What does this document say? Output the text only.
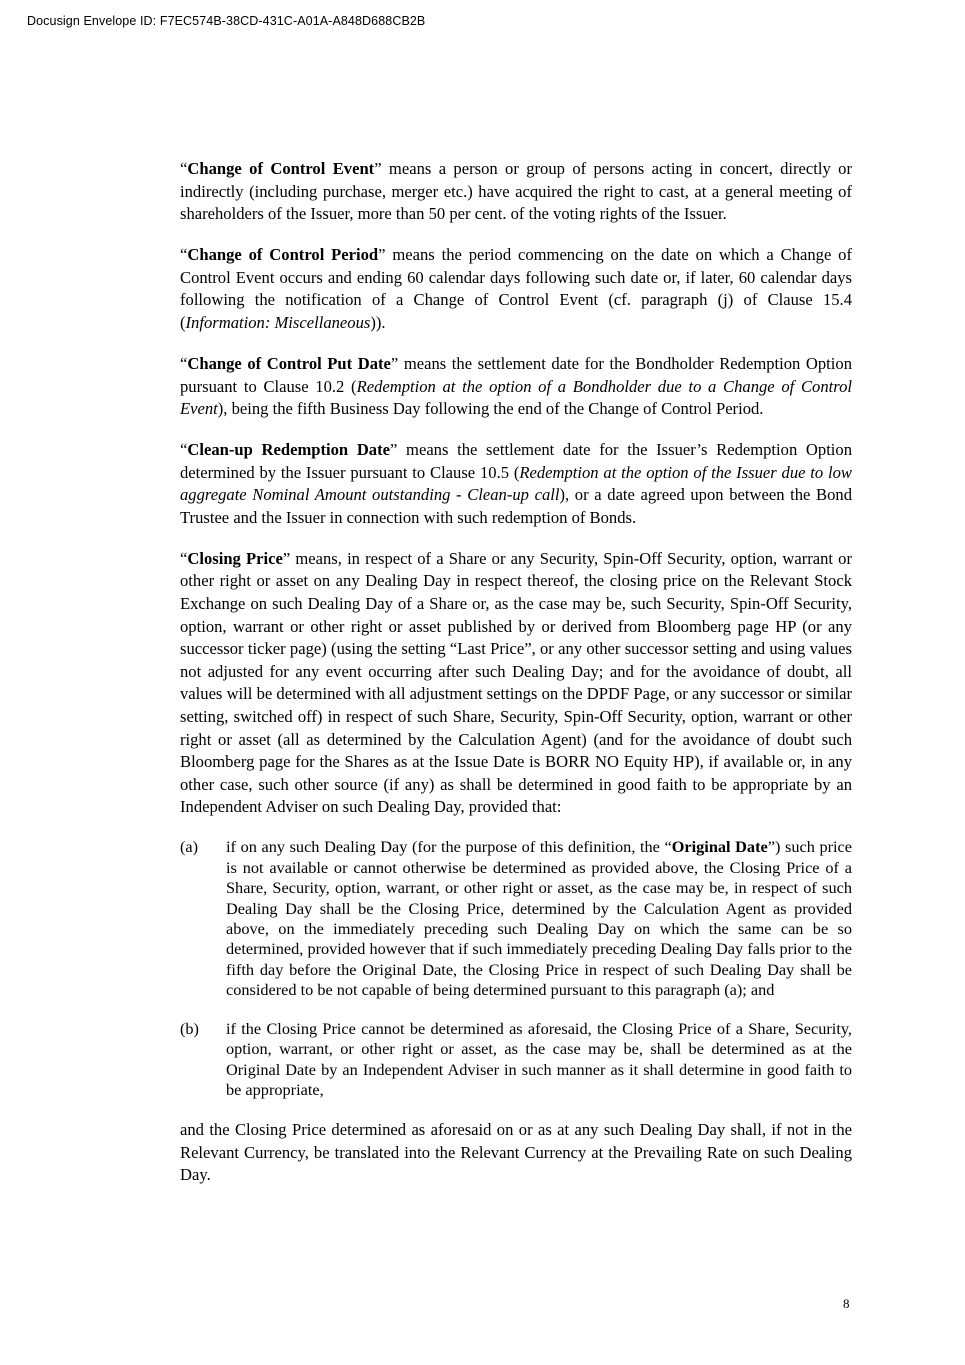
Docusign Envelope ID: F7EC574B-38CD-431C-A01A-A848D688CB2B

“Change of Control Event” means a person or group of persons acting in concert, directly or indirectly (including purchase, merger etc.) have acquired the right to cast, at a general meeting of shareholders of the Issuer, more than 50 per cent. of the voting rights of the Issuer.

“Change of Control Period” means the period commencing on the date on which a Change of Control Event occurs and ending 60 calendar days following such date or, if later, 60 calendar days following the notification of a Change of Control Event (cf. paragraph (j) of Clause 15.4 (Information: Miscellaneous)).

“Change of Control Put Date” means the settlement date for the Bondholder Redemption Option pursuant to Clause 10.2 (Redemption at the option of a Bondholder due to a Change of Control Event), being the fifth Business Day following the end of the Change of Control Period.

“Clean-up Redemption Date” means the settlement date for the Issuer’s Redemption Option determined by the Issuer pursuant to Clause 10.5 (Redemption at the option of the Issuer due to low aggregate Nominal Amount outstanding - Clean-up call), or a date agreed upon between the Bond Trustee and the Issuer in connection with such redemption of Bonds.

“Closing Price” means, in respect of a Share or any Security, Spin-Off Security, option, warrant or other right or asset on any Dealing Day in respect thereof, the closing price on the Relevant Stock Exchange on such Dealing Day of a Share or, as the case may be, such Security, Spin-Off Security, option, warrant or other right or asset published by or derived from Bloomberg page HP (or any successor ticker page) (using the setting “Last Price”, or any other successor setting and using values not adjusted for any event occurring after such Dealing Day; and for the avoidance of doubt, all values will be determined with all adjustment settings on the DPDF Page, or any successor or similar setting, switched off) in respect of such Share, Security, Spin-Off Security, option, warrant or other right or asset (all as determined by the Calculation Agent) (and for the avoidance of doubt such Bloomberg page for the Shares as at the Issue Date is BORR NO Equity HP), if available or, in any other case, such other source (if any) as shall be determined in good faith to be appropriate by an Independent Adviser on such Dealing Day, provided that:

(a)	if on any such Dealing Day (for the purpose of this definition, the “Original Date”) such price is not available or cannot otherwise be determined as provided above, the Closing Price of a Share, Security, option, warrant, or other right or asset, as the case may be, in respect of such Dealing Day shall be the Closing Price, determined by the Calculation Agent as provided above, on the immediately preceding such Dealing Day on which the same can be so determined, provided however that if such immediately preceding Dealing Day falls prior to the fifth day before the Original Date, the Closing Price in respect of such Dealing Day shall be considered to be not capable of being determined pursuant to this paragraph (a); and
(b)	if the Closing Price cannot be determined as aforesaid, the Closing Price of a Share, Security, option, warrant, or other right or asset, as the case may be, shall be determined as at the Original Date by an Independent Adviser in such manner as it shall determine in good faith to be appropriate,

and the Closing Price determined as aforesaid on or as at any such Dealing Day shall, if not in the Relevant Currency, be translated into the Relevant Currency at the Prevailing Rate on such Dealing Day.

8
